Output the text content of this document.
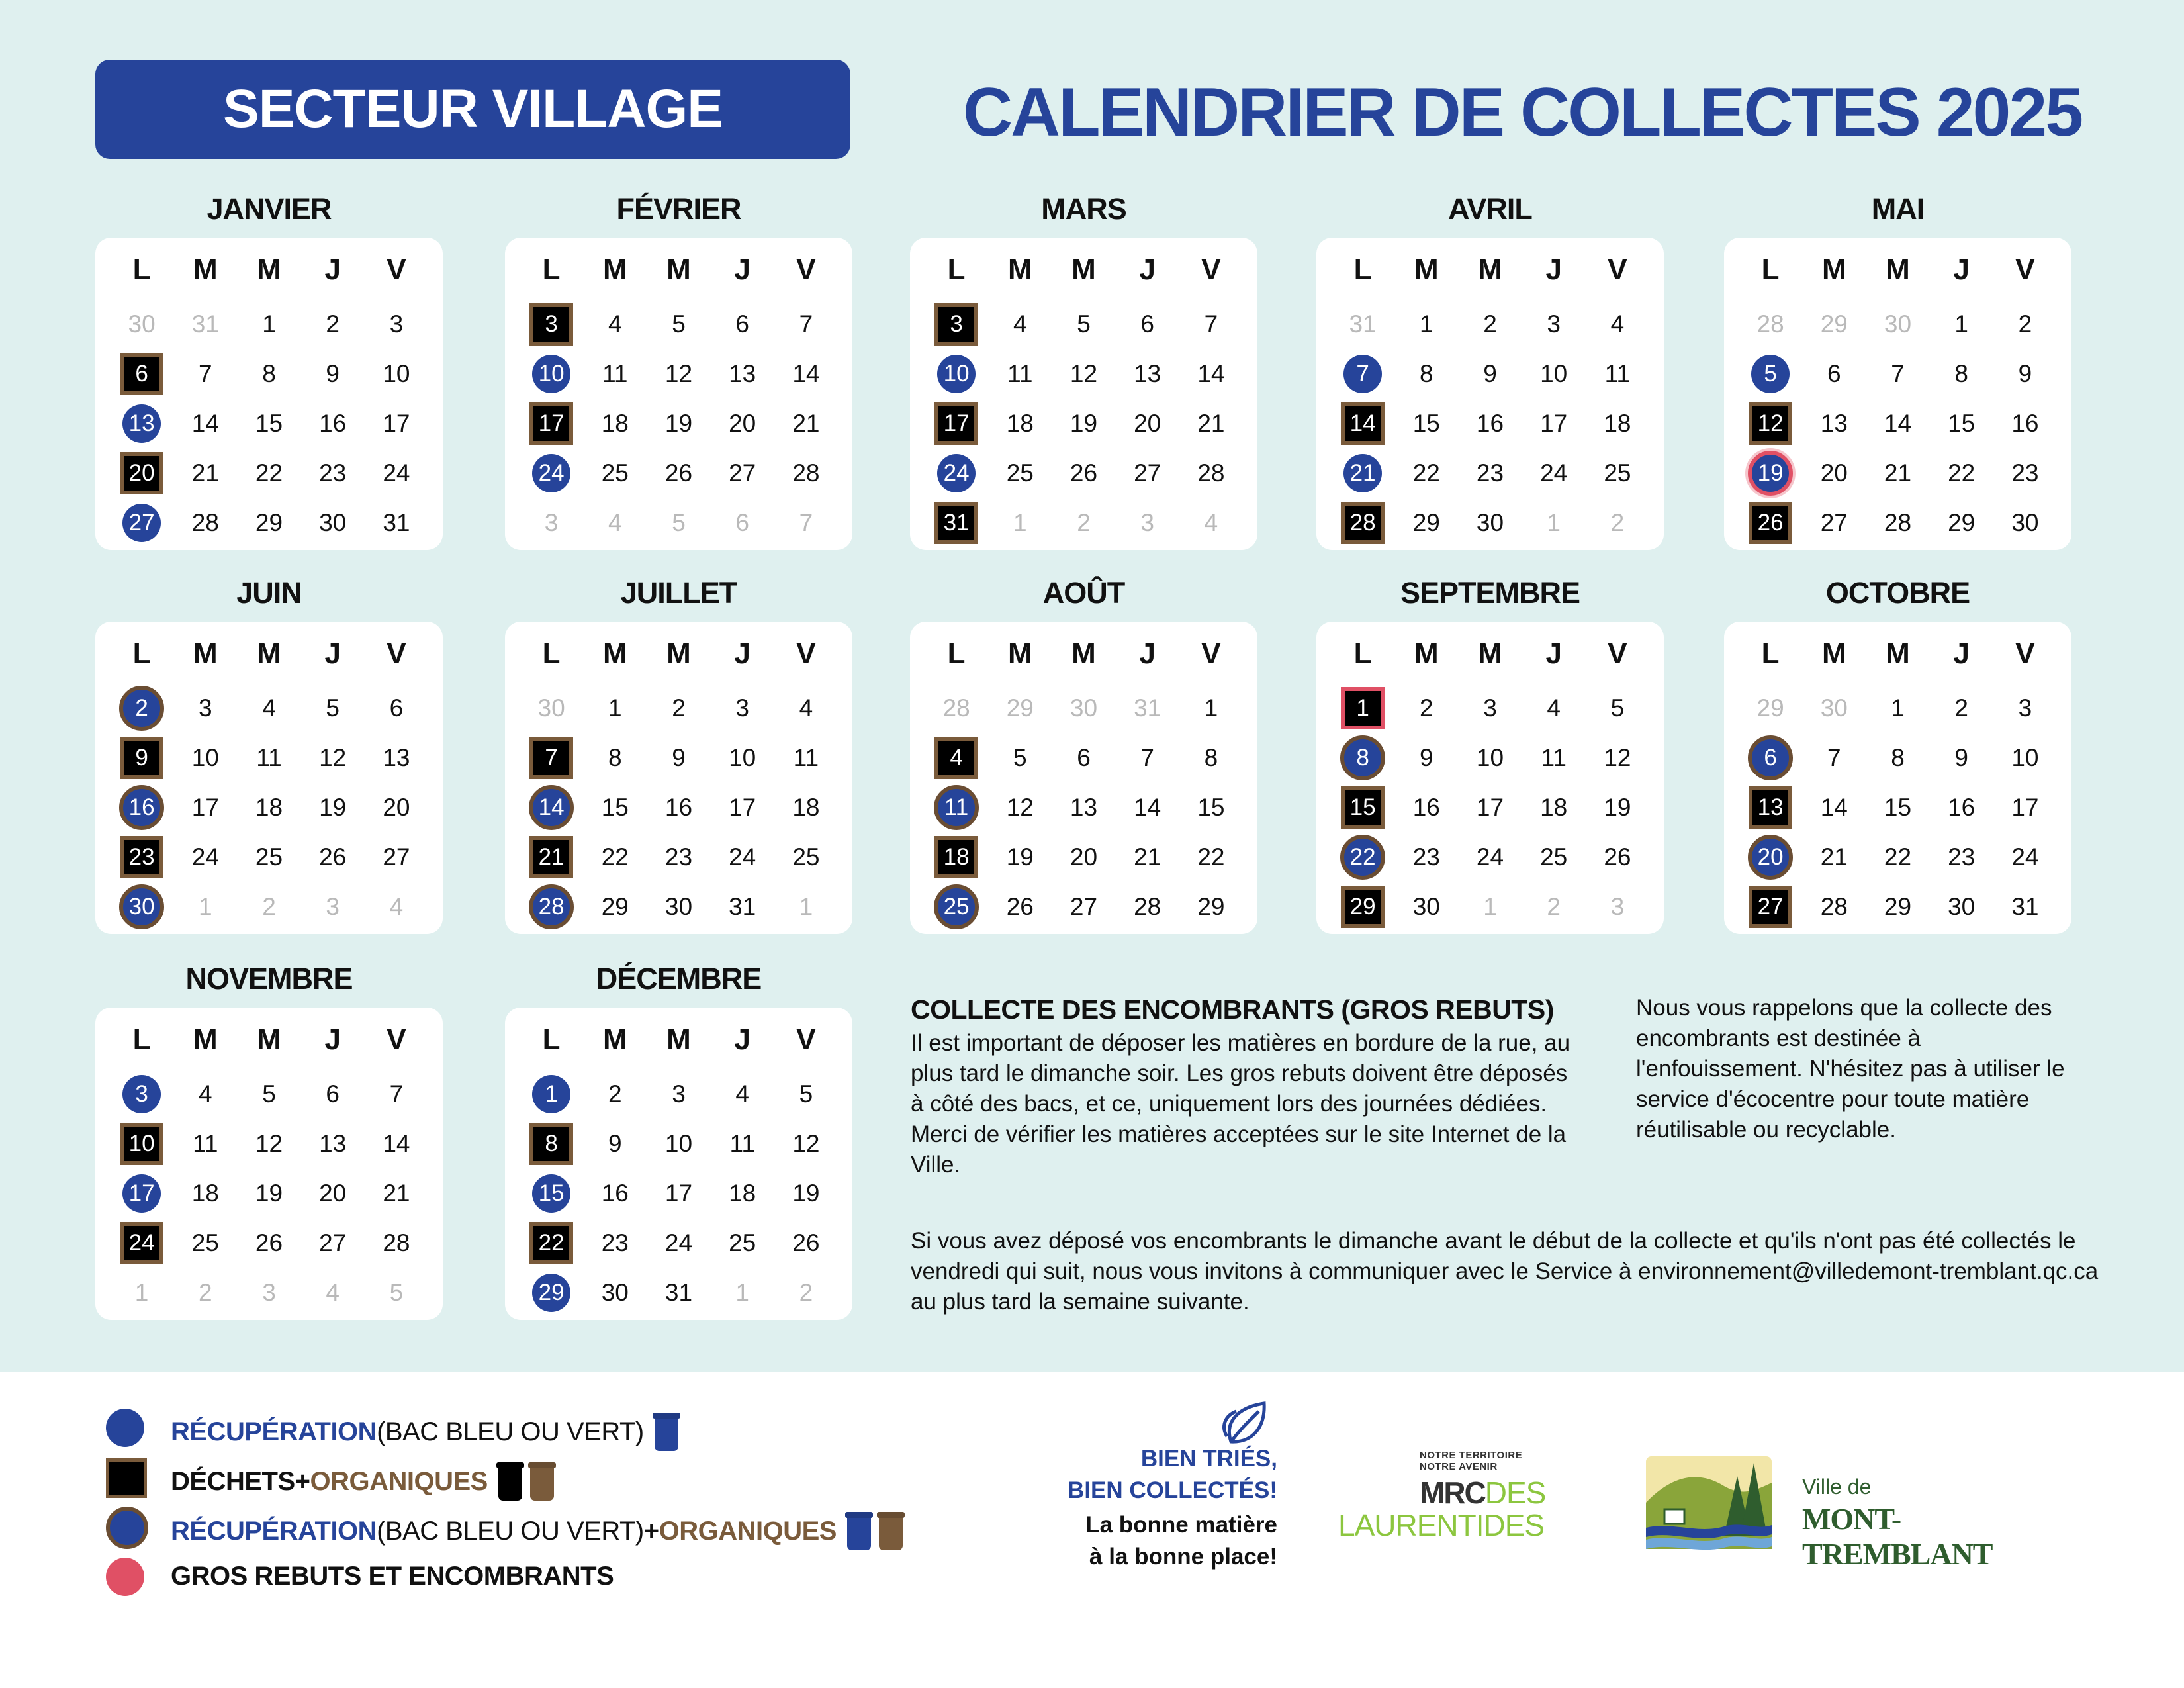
SECTEUR VILLAGE	CALENDRIER DE COLLECTES 2025
JANVIER
L	M	M	J	V
30 31 1 2 3
6	7 8 9 10
13 14 15 16 17
20	21 22 23 24
27 28 29 30 31
FÉVRIER
L	M	M	J	V
3	4 5 6 7
10 11 12 13 14
17	18 19 20 21
24 25 26 27 28
3 4 5 6 7
MARS
L	M	M	J	V
3	4 5 6 7
10 11 12 13 14
17	18 19 20 21
24 25 26 27 28
31	1 2 3 4
AVRIL
L	M	M	J	V
31 1 2 3 4
7	8 9 10 11
14	15 16 17 18
21 22 23 24 25
28	29 30 1 2
MAI
L	M	M	J	V
28 29 30 1 2
5	6 7 8 9
12	13 14 15 16
19	20 21 22 23
26	27 28 29 30
JUIN
L	M	M	J	V
2	3 4 5 6
9	10 11 12 13
16	17 18 19 20
23	24 25 26 27
30	1 2 3 4
JUILLET
L	M	M	J	V
30 1 2 3 4
7	8 9 10 11
14	15 16 17 18
21	22 23 24 25
28	29 30 31 1
AOÛT
L	M	M	J	V
28 29 30 31 1
4	5 6 7 8
11	12 13 14 15
18	19 20 21 22
25	26 27 28 29
SEPTEMBRE
L	M	M	J	V
1	2 3 4 5
8	9 10 11 12
15	16 17 18 19
22	23 24 25 26
29	30 1 2 3
OCTOBRE
L	M	M	J	V
29 30 1 2 3
6	7 8 9 10
13	14 15 16 17
20	21 22 23 24
27	28 29 30 31
NOVEMBRE
L	M	M	J	V
3	4 5 6 7
10	11 12 13 14
17 18 19 20 21
24	25 26 27 28
1 2 3 4 5
DÉCEMBRE
L	M	M	J	V
1	2 3 4 5
8	9 10 11 12
15 16 17 18 19
22	23 24 25 26
29 30 31 1 2
COLLECTE DES ENCOMBRANTS (GROS REBUTS)
Il est important de déposer les matières en bordure de la rue, au plus tard le dimanche soir. Les gros rebuts doivent être déposés à côté des bacs, et ce, uniquement lors des journées dédiées. Merci de vérifier les matières acceptées sur le site Internet de la Ville.
Nous vous rappelons que la collecte des encombrants est destinée à l'enfouissement. N'hésitez pas à utiliser le service d'écocentre pour toute matière réutilisable ou recyclable.
Si vous avez déposé vos encombrants le dimanche avant le début de la collecte et qu'ils n'ont pas été collectés le vendredi qui suit, nous vous invitons à communiquer avec le Service à environnement@villedemont-tremblant.qc.ca au plus tard la semaine suivante.
RÉCUPÉRATION (BAC BLEU OU VERT)
DÉCHETS + ORGANIQUES
RÉCUPÉRATION (BAC BLEU OU VERT) + ORGANIQUES
GROS REBUTS ET ENCOMBRANTS
BIEN TRIÉS,
BIEN COLLECTÉS!
La bonne matière
à la bonne place!
NOTRE TERRITOIRE
NOTRE AVENIR
MRC DES
LAURENTIDES
Ville de
MONT-TREMBLANT
